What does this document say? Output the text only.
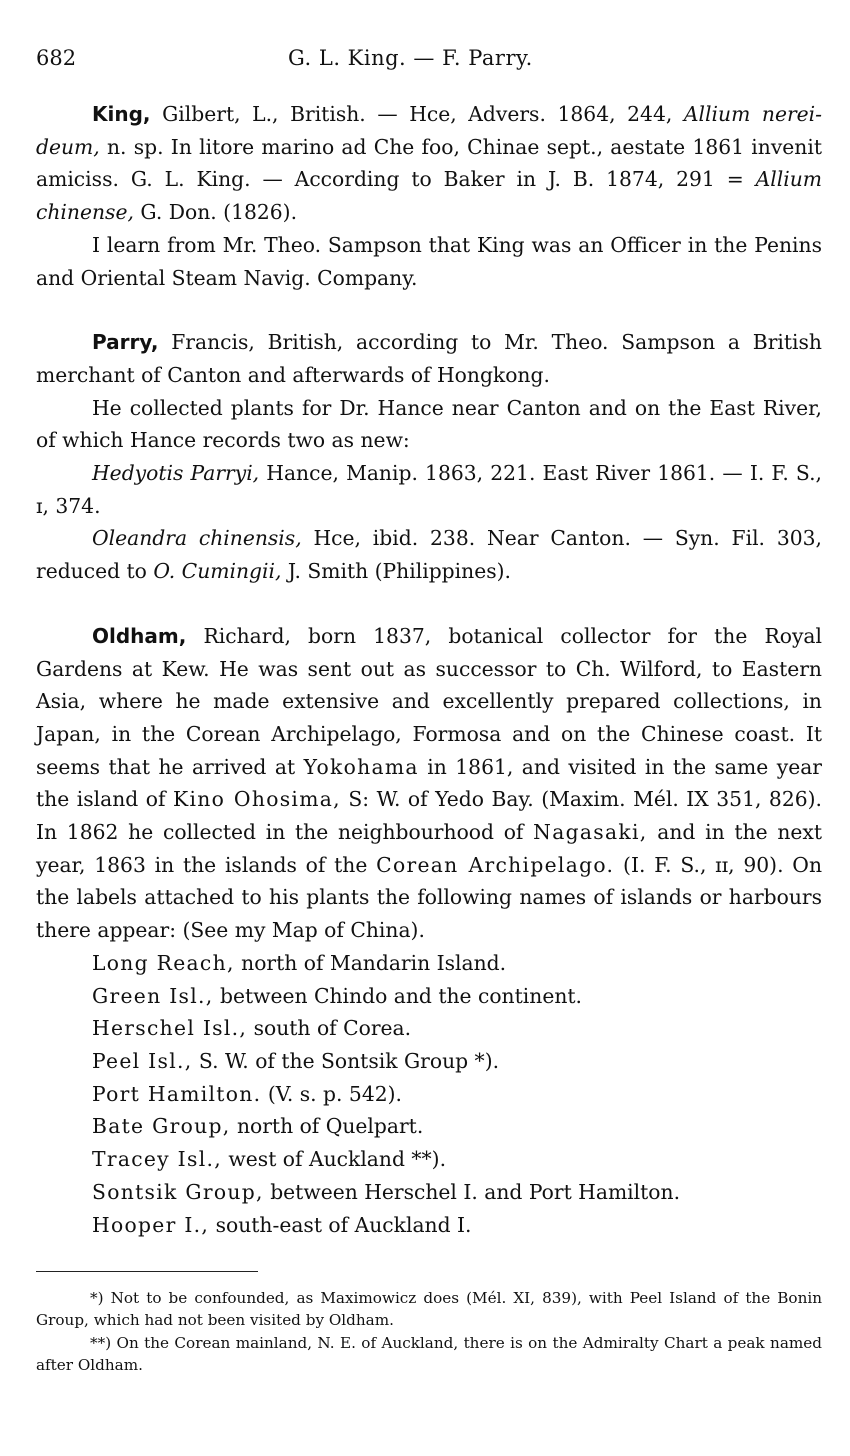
682	G. L. King. — F. Parry.

King, Gilbert, L., British. — Hce, Advers. 1864, 244, Allium nerei-deum, n. sp. In litore marino ad Che foo, Chinae sept., aestate 1861 invenit amiciss. G. L. King. — According to Baker in J. B. 1874, 291 = Allium chinense, G. Don. (1826).

I learn from Mr. Theo. Sampson that King was an Officer in the Penins and Oriental Steam Navig. Company.

Parry, Francis, British, according to Mr. Theo. Sampson a British merchant of Canton and afterwards of Hongkong.

He collected plants for Dr. Hance near Canton and on the East River, of which Hance records two as new:

Hedyotis Parryi, Hance, Manip. 1863, 221. East River 1861. — I. F. S., ɪ, 374.

Oleandra chinensis, Hce, ibid. 238. Near Canton. — Syn. Fil. 303, reduced to O. Cumingii, J. Smith (Philippines).

Oldham, Richard, born 1837, botanical collector for the Royal Gardens at Kew. He was sent out as successor to Ch. Wilford, to Eastern Asia, where he made extensive and excellently prepared collections, in Japan, in the Corean Archipelago, Formosa and on the Chinese coast. It seems that he arrived at Yokohama in 1861, and visited in the same year the island of Kino Ohosima, S: W. of Yedo Bay. (Maxim. Mél. IX 351, 826). In 1862 he collected in the neighbourhood of Nagasaki, and in the next year, 1863 in the islands of the Corean Archipelago. (I. F. S., ɪɪ, 90). On the labels attached to his plants the following names of islands or harbours there appear: (See my Map of China).

Long Reach, north of Mandarin Island.
Green Isl., between Chindo and the continent.
Herschel Isl., south of Corea.
Peel Isl., S. W. of the Sontsik Group *).
Port Hamilton. (V. s. p. 542).
Bate Group, north of Quelpart.
Tracey Isl., west of Auckland **).
Sontsik Group, between Herschel I. and Port Hamilton.
Hooper I., south-east of Auckland I.

*) Not to be confounded, as Maximowicz does (Mél. XI, 839), with Peel Island of the Bonin Group, which had not been visited by Oldham.

**) On the Corean mainland, N. E. of Auckland, there is on the Admiralty Chart a peak named after Oldham.
